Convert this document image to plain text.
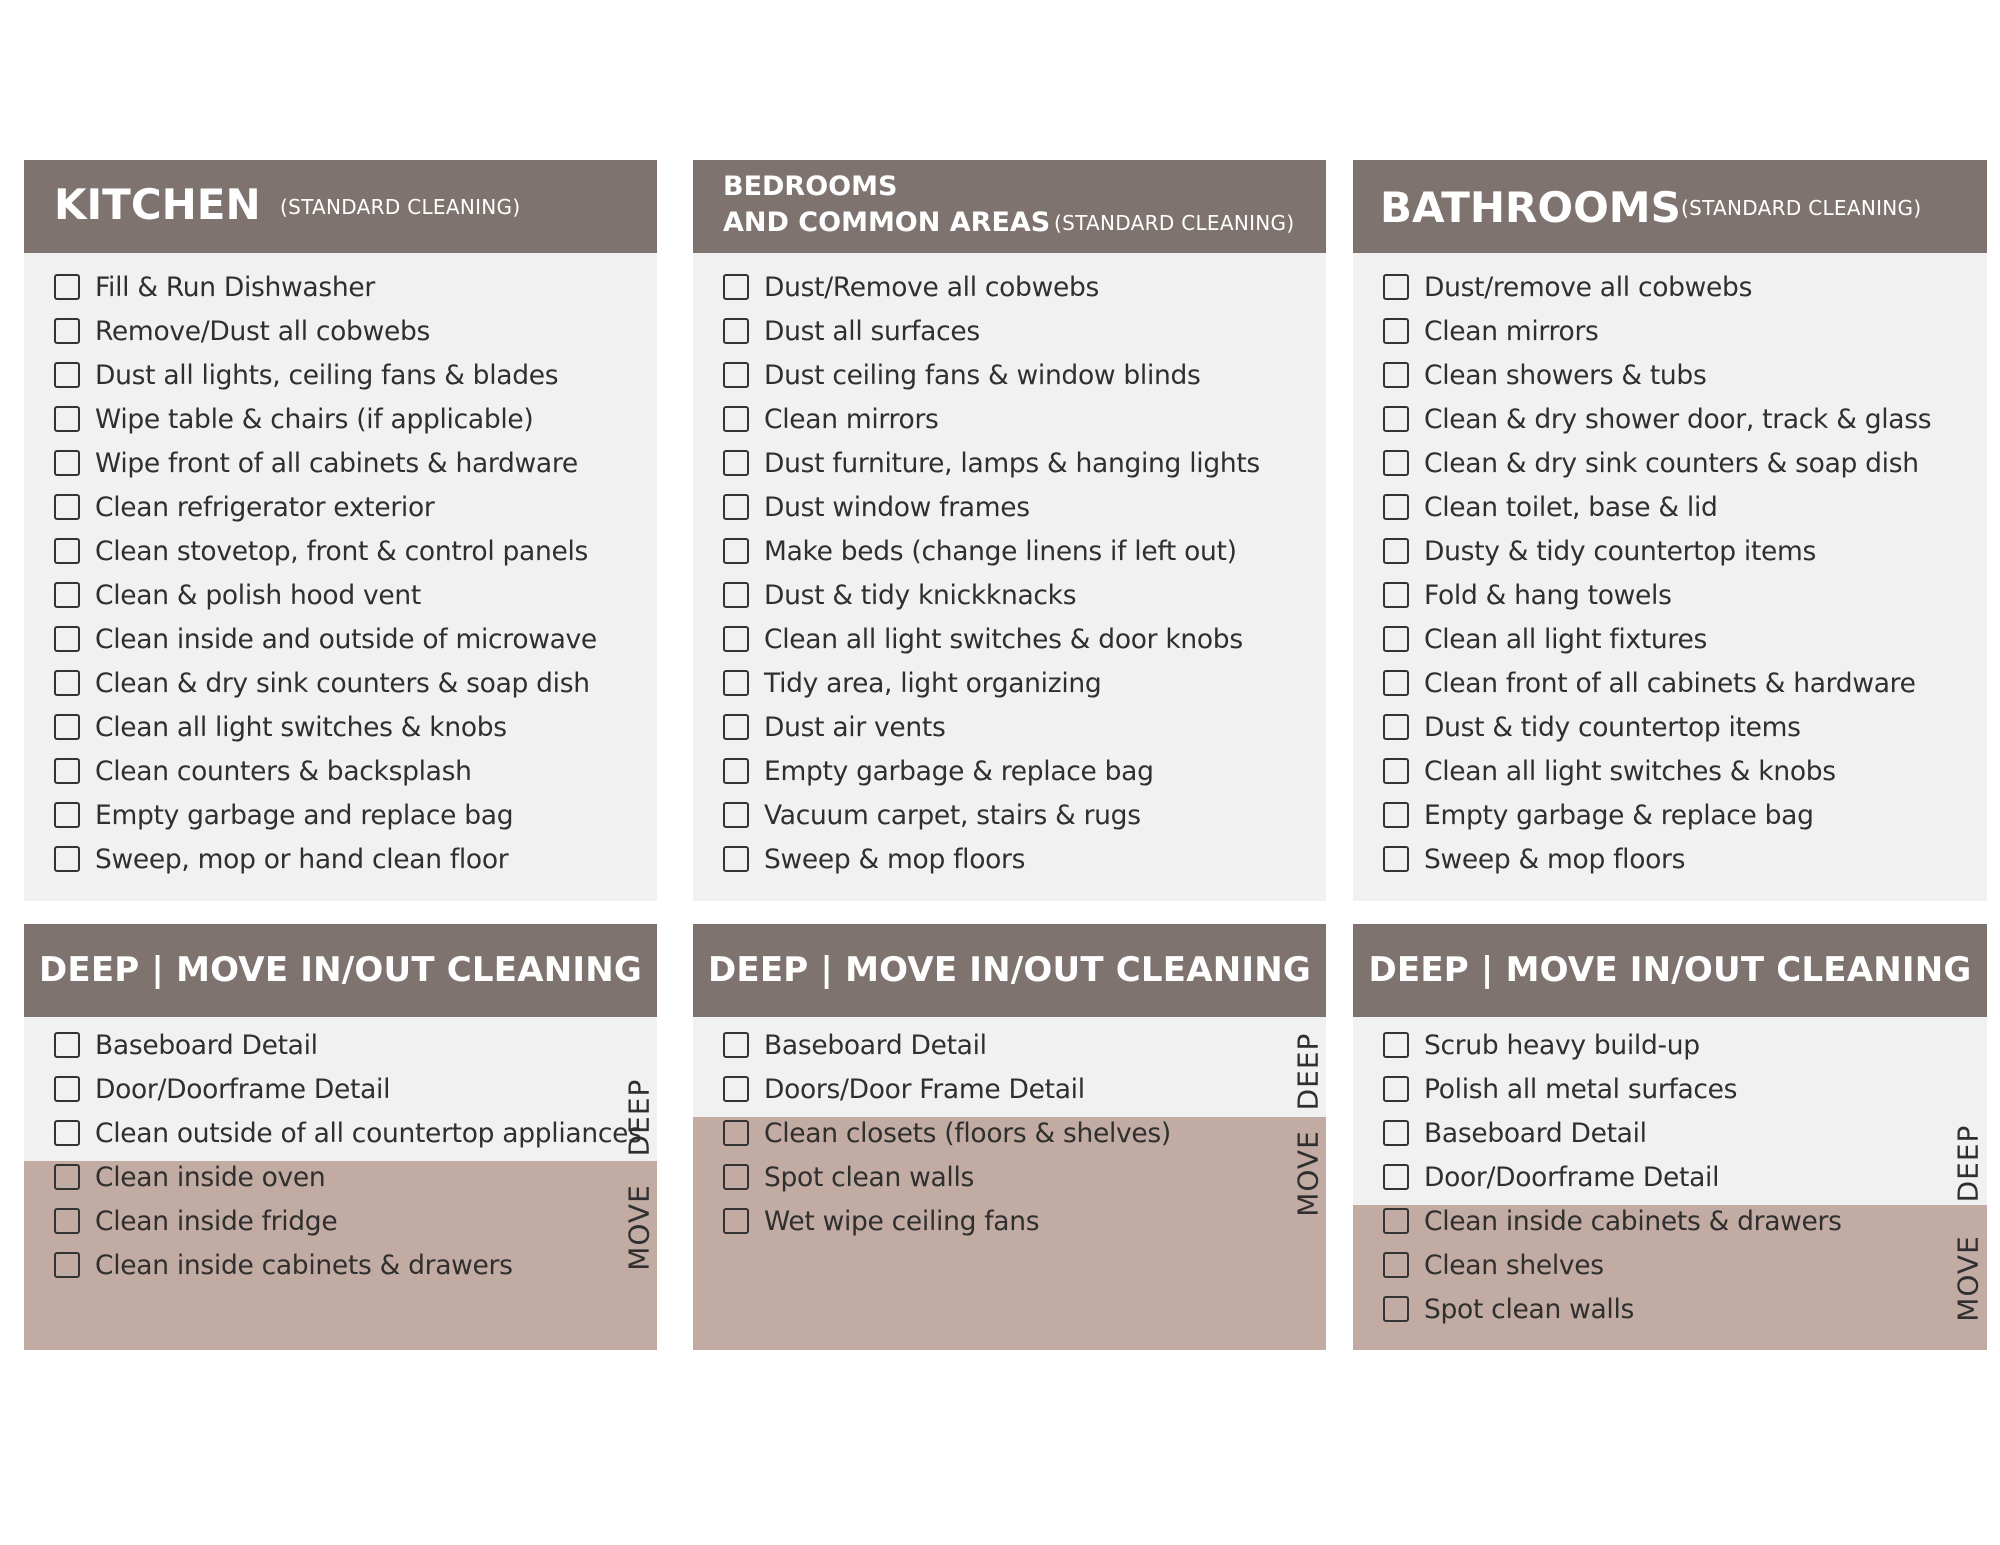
KITCHEN (STANDARD CLEANING)
Fill & Run Dishwasher
Remove/Dust all cobwebs
Dust all lights, ceiling fans & blades
Wipe table & chairs (if applicable)
Wipe front of all cabinets & hardware
Clean refrigerator exterior
Clean stovetop, front & control panels
Clean & polish hood vent
Clean inside and outside of microwave
Clean & dry sink counters & soap dish
Clean all light switches & knobs
Clean counters & backsplash
Empty garbage and replace bag
Sweep, mop or hand clean floor
BEDROOMS
AND COMMON AREAS (STANDARD CLEANING)
Dust/Remove all cobwebs
Dust all surfaces
Dust ceiling fans & window blinds
Clean mirrors
Dust furniture, lamps & hanging lights
Dust window frames
Make beds (change linens if left out)
Dust & tidy knickknacks
Clean all light switches & door knobs
Tidy area, light organizing
Dust air vents
Empty garbage & replace bag
Vacuum carpet, stairs & rugs
Sweep & mop floors
BATHROOMS (STANDARD CLEANING)
Dust/remove all cobwebs
Clean mirrors
Clean showers & tubs
Clean & dry shower door, track & glass
Clean & dry sink counters & soap dish
Clean toilet, base & lid
Dusty & tidy countertop items
Fold & hang towels
Clean all light fixtures
Clean front of all cabinets & hardware
Dust & tidy countertop items
Clean all light switches & knobs
Empty garbage & replace bag
Sweep & mop floors
DEEP | MOVE IN/OUT CLEANING
Baseboard Detail
Door/Doorframe Detail
Clean outside of all countertop appliances
Clean inside oven
Clean inside fridge
Clean inside cabinets & drawers
DEEP
MOVE
DEEP | MOVE IN/OUT CLEANING
Baseboard Detail
Doors/Door Frame Detail
Clean closets (floors & shelves)
Spot clean walls
Wet wipe ceiling fans
DEEP
MOVE
DEEP | MOVE IN/OUT CLEANING
Scrub heavy build-up
Polish all metal surfaces
Baseboard Detail
Door/Doorframe Detail
Clean inside cabinets & drawers
Clean shelves
Spot clean walls
DEEP
MOVE
